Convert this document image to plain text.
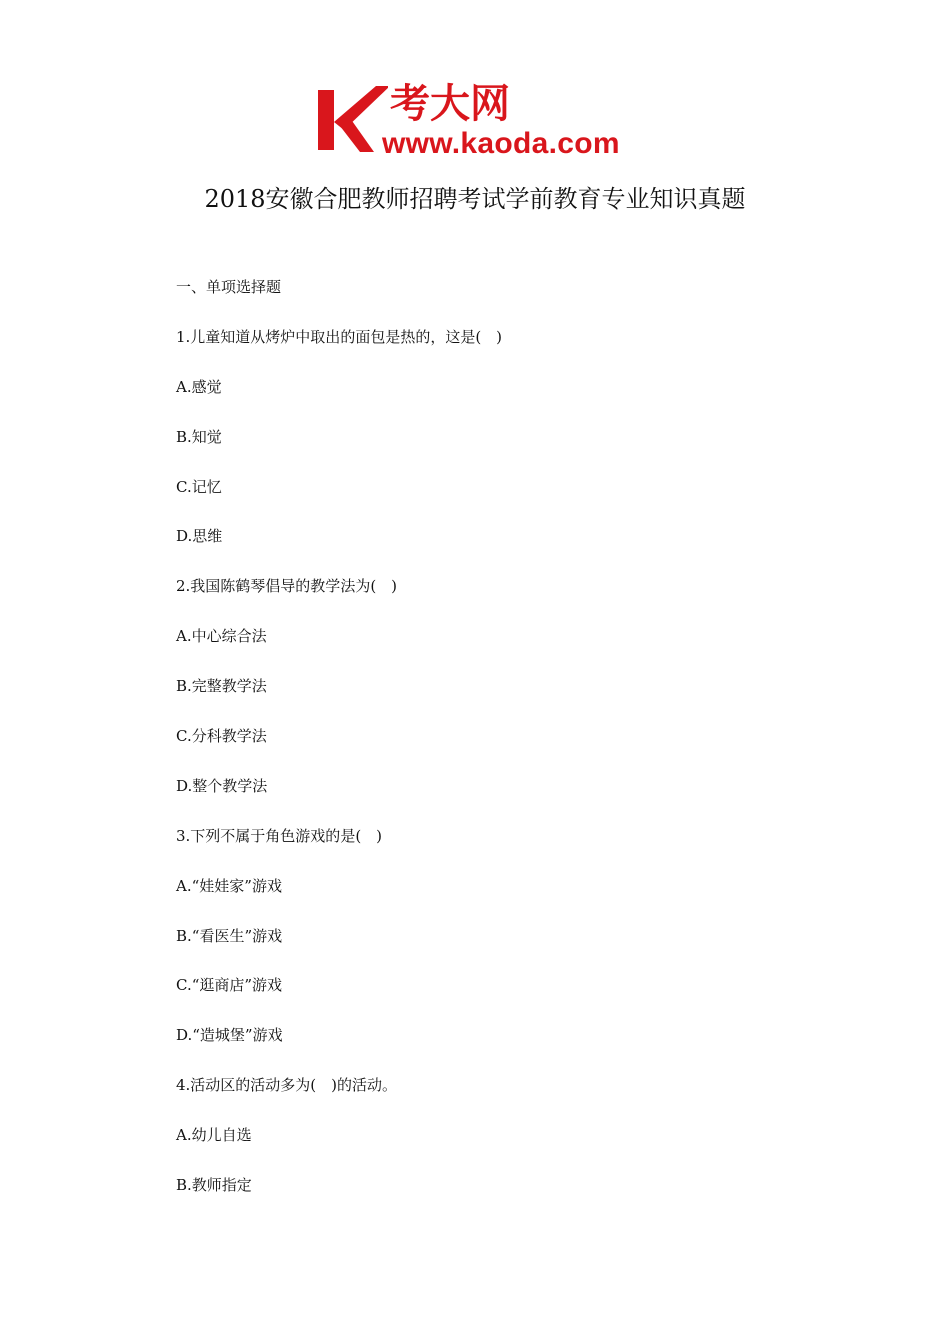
考大网
www.kaoda.com
2018安徽合肥教师招聘考试学前教育专业知识真题
一、单项选择题
1.儿童知道从烤炉中取出的面包是热的，这是(　)
A.感觉
B.知觉
C.记忆
D.思维
2.我国陈鹤琴倡导的教学法为(　)
A.中心综合法
B.完整教学法
C.分科教学法
D.整个教学法
3.下列不属于角色游戏的是(　)
A.“娃娃家”游戏
B.“看医生”游戏
C.“逛商店”游戏
D.“造城堡”游戏
4.活动区的活动多为(　)的活动。
A.幼儿自选
B.教师指定
